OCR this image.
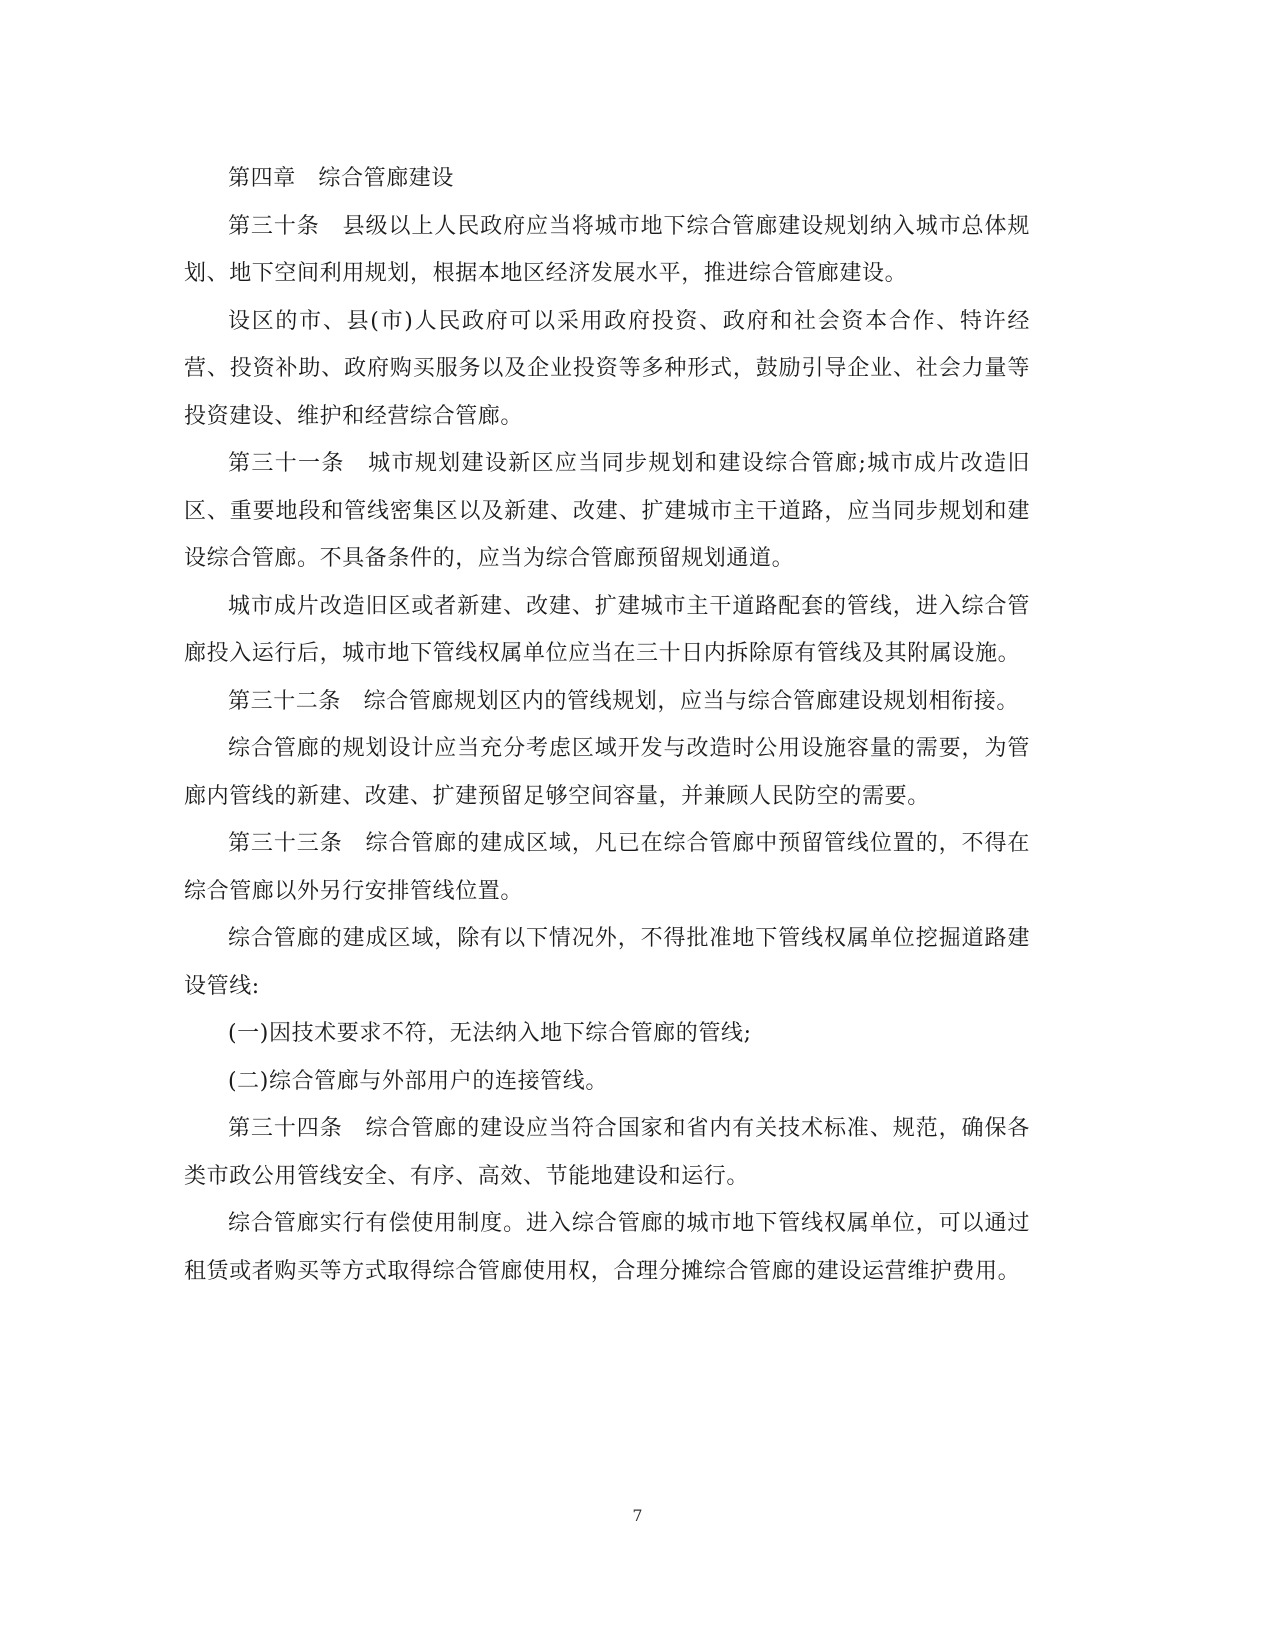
第四章　综合管廊建设

第三十条　县级以上人民政府应当将城市地下综合管廊建设规划纳入城市总体规划、地下空间利用规划，根据本地区经济发展水平，推进综合管廊建设。

设区的市、县(市)人民政府可以采用政府投资、政府和社会资本合作、特许经营、投资补助、政府购买服务以及企业投资等多种形式，鼓励引导企业、社会力量等投资建设、维护和经营综合管廊。

第三十一条　城市规划建设新区应当同步规划和建设综合管廊;城市成片改造旧区、重要地段和管线密集区以及新建、改建、扩建城市主干道路，应当同步规划和建设综合管廊。不具备条件的，应当为综合管廊预留规划通道。

城市成片改造旧区或者新建、改建、扩建城市主干道路配套的管线，进入综合管廊投入运行后，城市地下管线权属单位应当在三十日内拆除原有管线及其附属设施。

第三十二条　综合管廊规划区内的管线规划，应当与综合管廊建设规划相衔接。

综合管廊的规划设计应当充分考虑区域开发与改造时公用设施容量的需要，为管廊内管线的新建、改建、扩建预留足够空间容量，并兼顾人民防空的需要。

第三十三条　综合管廊的建成区域，凡已在综合管廊中预留管线位置的，不得在综合管廊以外另行安排管线位置。

综合管廊的建成区域，除有以下情况外，不得批准地下管线权属单位挖掘道路建设管线:

(一)因技术要求不符，无法纳入地下综合管廊的管线;

(二)综合管廊与外部用户的连接管线。

第三十四条　综合管廊的建设应当符合国家和省内有关技术标准、规范，确保各类市政公用管线安全、有序、高效、节能地建设和运行。

综合管廊实行有偿使用制度。进入综合管廊的城市地下管线权属单位，可以通过租赁或者购买等方式取得综合管廊使用权，合理分摊综合管廊的建设运营维护费用。

7
